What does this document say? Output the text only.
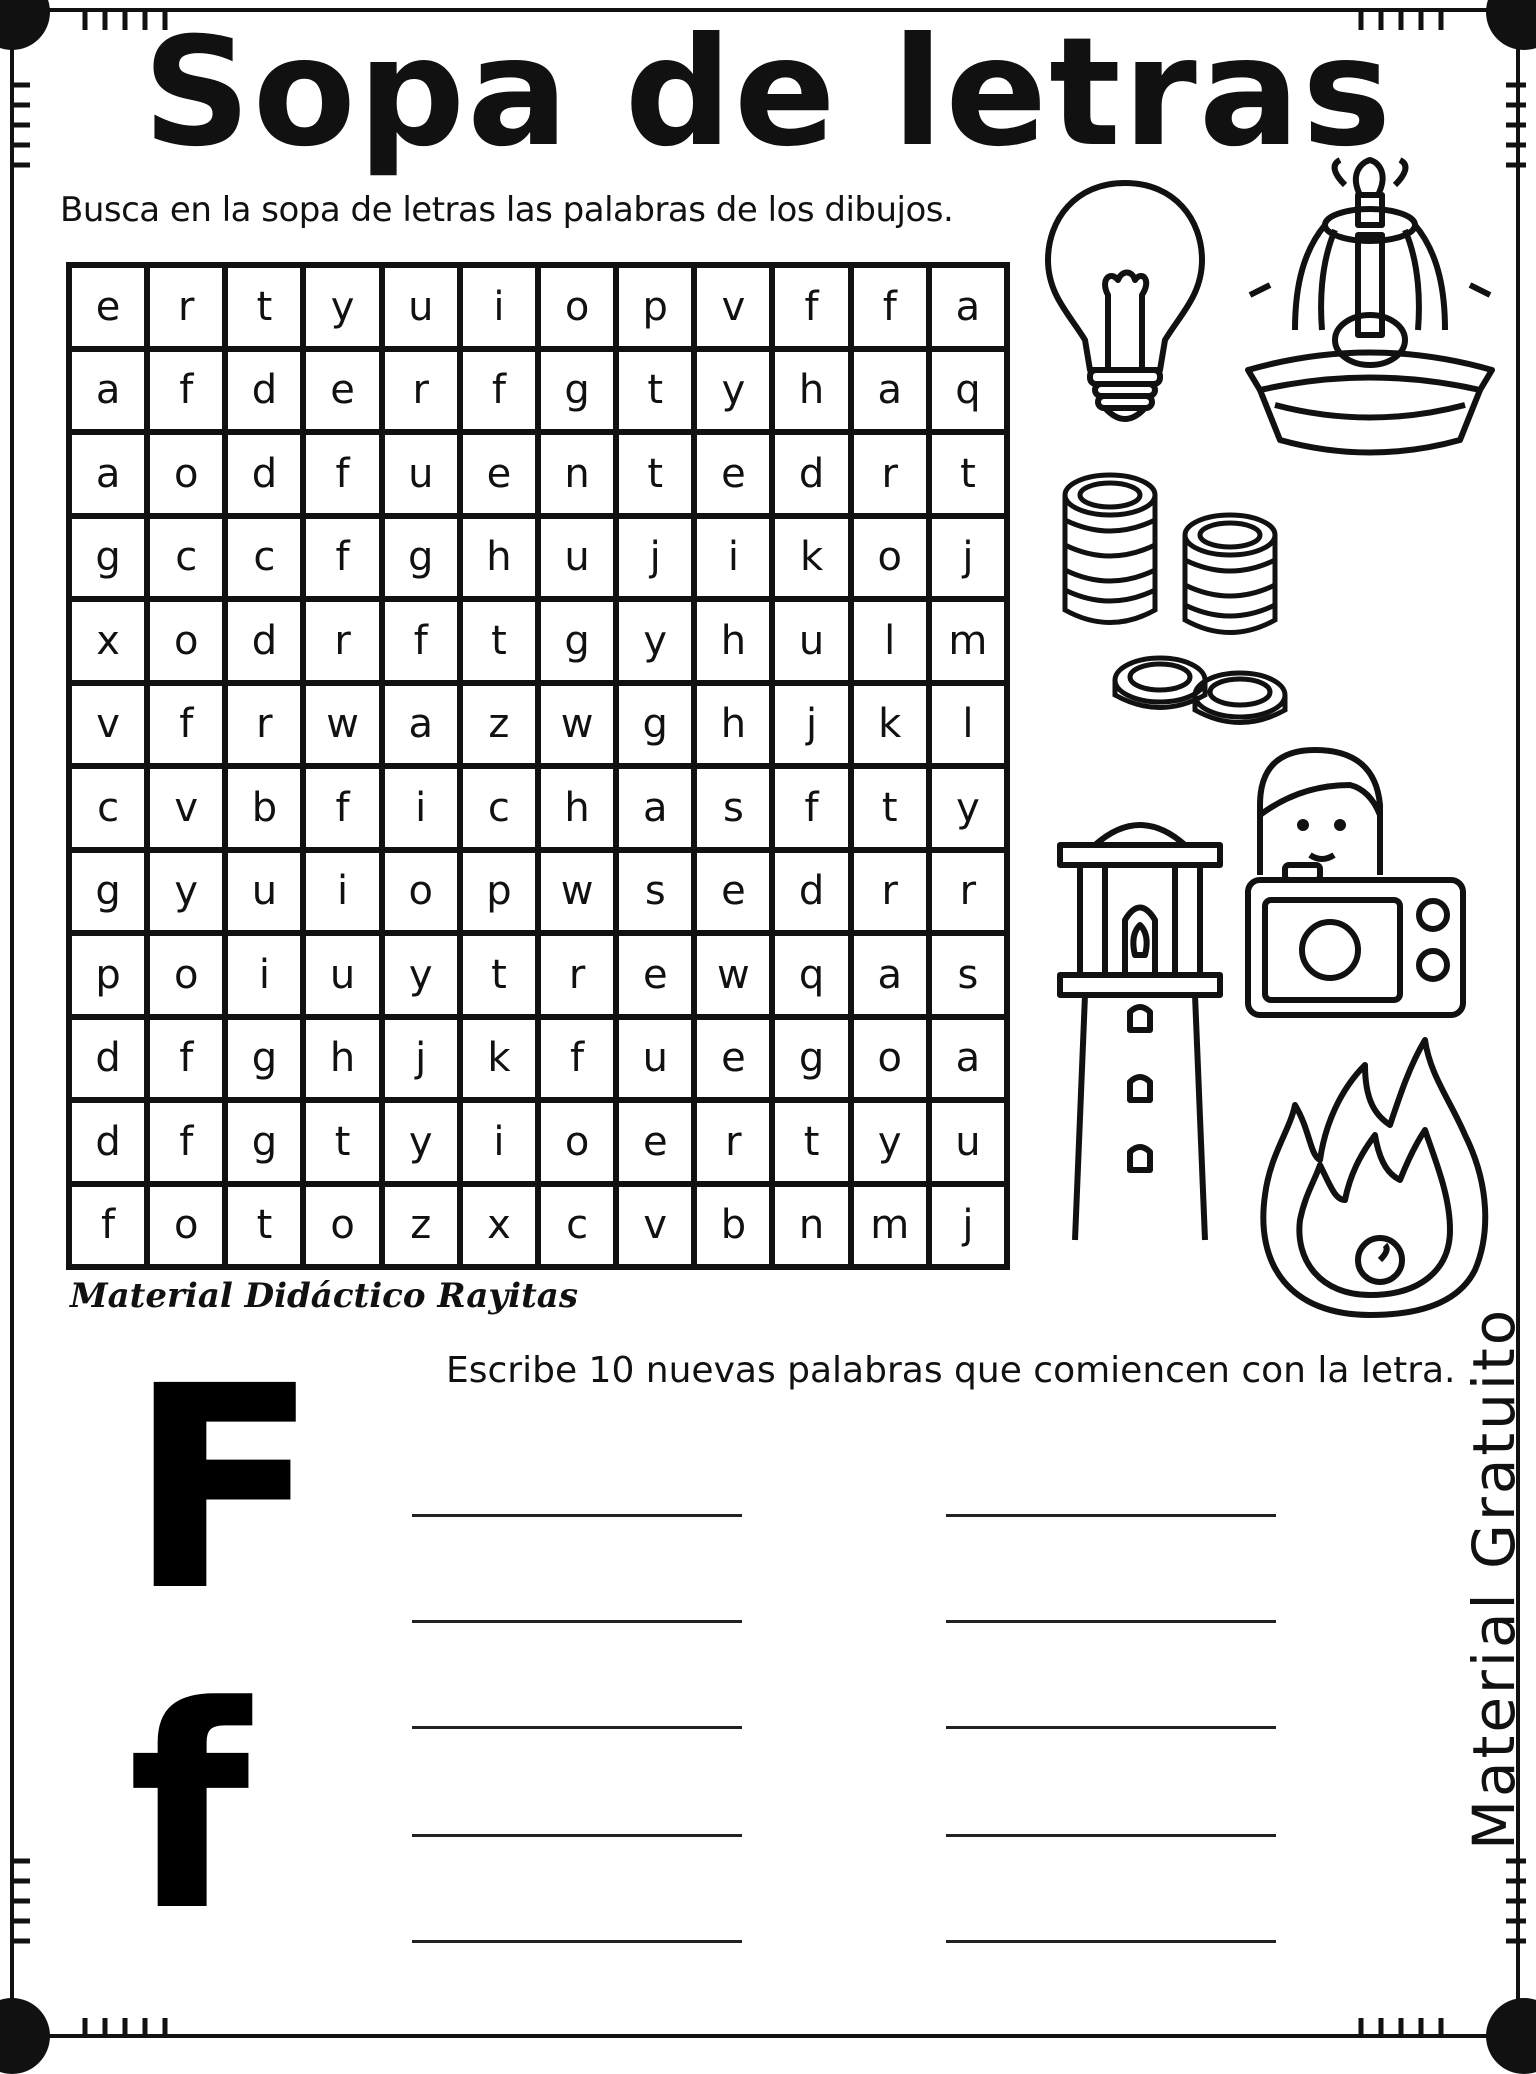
Sopa de letras
Busca en la sopa de letras las palabras de los dibujos.
e	r	t	y	u	i	o	p	v	f	f	a
a	f	d	e	r	f	g	t	y	h	a	q
a	o	d	f	u	e	n	t	e	d	r	t
g	c	c	f	g	h	u	j	i	k	o	j
x	o	d	r	f	t	g	y	h	u	l	m
v	f	r	w	a	z	w	g	h	j	k	l
c	v	b	f	i	c	h	a	s	f	t	y
g	y	u	i	o	p	w	s	e	d	r	r
p	o	i	u	y	t	r	e	w	q	a	s
d	f	g	h	j	k	f	u	e	g	o	a
d	f	g	t	y	i	o	e	r	t	y	u
f	o	t	o	z	x	c	v	b	n	m	j
Material Didáctico Rayitas
Escribe 10 nuevas palabras que comiencen con la letra.
F
f	Material Gratuito
